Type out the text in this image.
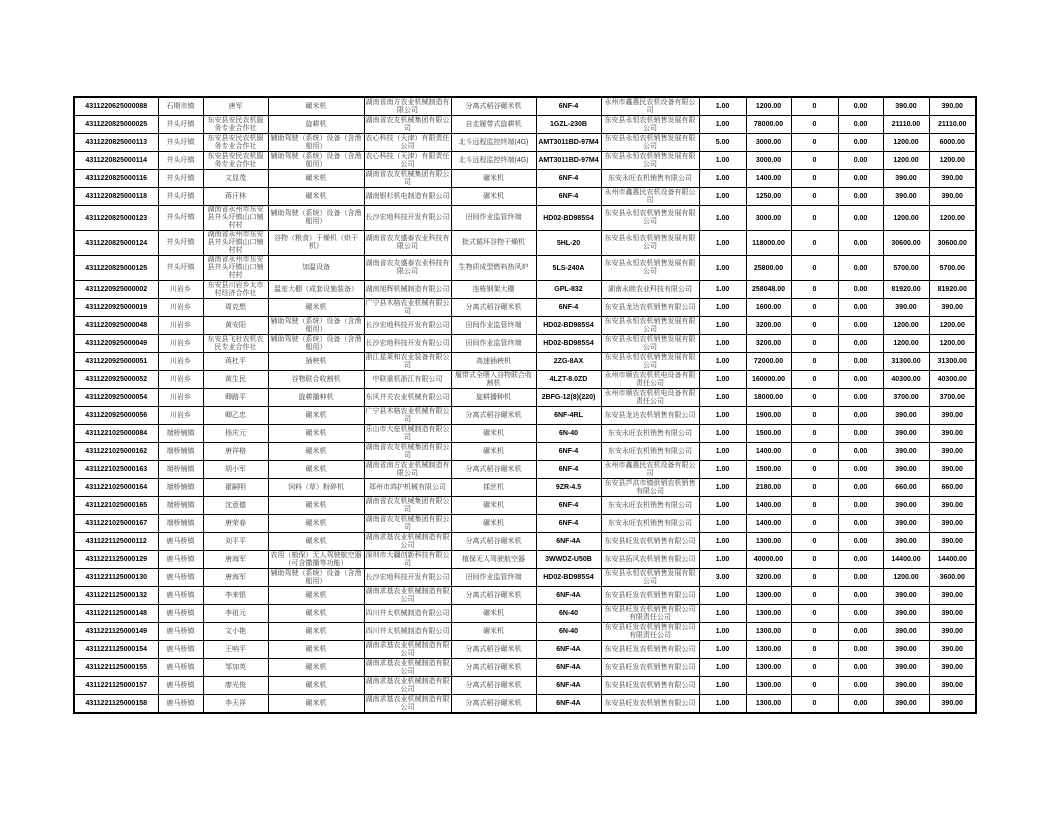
4311220625000088	石期市镇	唐军	碾米机	湖南省南方农业机械制造有限公司	分离式稻谷碾米机	6NF-4	永州市鑫惠民农机设备有限公司	1.00	1200.00	0	0.00	390.00	390.00
4311220825000025	井头圩镇	东安县安民农机服务专业合作社	旋耕机	湖南省农友机械集团有限公司	自走履带式旋耕机	1GZL-230B	东安县永恒农机销售发展有限公司	1.00	78000.00	0	0.00	21110.00	21110.00
4311220825000113	井头圩镇	东安县安民农机服务专业合作社	辅助驾驶（系统）设备（含渔船用）	农心科技（天津）有限责任公司	北斗远程监控终端(4G)	AMT3011BD-97M4	东安县永恒农机销售发展有限公司	5.00	3000.00	0	0.00	1200.00	6000.00
4311220825000114	井头圩镇	东安县安民农机服务专业合作社	辅助驾驶（系统）设备（含渔船用）	农心科技（天津）有限责任公司	北斗远程监控终端(4G)	AMT3011BD-97M4	东安县永恒农机销售发展有限公司	1.00	3000.00	0	0.00	1200.00	1200.00
4311220825000116	井头圩镇	文显茂	碾米机	湖南省农友机械集团有限公司	碾米机	6NF-4	东安永旺农机销售有限公司	1.00	1400.00	0	0.00	390.00	390.00
4311220825000118	井头圩镇	蒋汗林	碾米机	湖南银杉机电制造有限公司	碾米机	6NF-4	永州市鑫惠民农机设备有限公司	1.00	1250.00	0	0.00	390.00	390.00
4311220825000123	井头圩镇	湖南省永州市东安县井头圩镇山口铺村村	辅助驾驶（系统）设备（含渔船用）	长沙宏地科技开发有限公司	田间作业监管终端	HD02-BD985S4	东安县永恒农机销售发展有限公司	1.00	3000.00	0	0.00	1200.00	1200.00
4311220825000124	井头圩镇	湖南省永州市东安县井头圩镇山口铺村村	谷物（粮食）干燥机（烘干机）	湖南省农友盛泰农业科技有限公司	批式循环谷物干燥机	5HL-20	东安县永恒农机销售发展有限公司	1.00	118000.00	0	0.00	30600.00	30600.00
4311220825000125	井头圩镇	湖南省永州市东安县井头圩镇山口铺村村	加温设备	湖南省农友盛泰农业科技有限公司	生物质成型燃料热风炉	5LS-240A	东安县永恒农机销售发展有限公司	1.00	25800.00	0	0.00	5700.00	5700.00
4311220925000002	川岩乡	东安县川岩乡太市村经济合作社	温室大棚（成套设施装备）	湖南旭辉机械制造有限公司	连栋钢架大棚	GPL-832	湖南永睦农业科技有限公司	1.00	258048.00	0	0.00	81920.00	81920.00
4311220925000019	川岩乡	周克想	碾米机	广宁县木格农业机械有限公司	分离式稻谷碾米机	6NF-4	东安县龙达农机销售有限公司	1.00	1600.00	0	0.00	390.00	390.00
4311220925000048	川岩乡	黄安阳	辅助驾驶（系统）设备（含渔船用）	长沙宏地科技开发有限公司	田间作业监管终端	HD02-BD985S4	东安县永恒农机销售发展有限公司	1.00	3200.00	0	0.00	1200.00	1200.00
4311220925000049	川岩乡	东安县飞杜农机农民专业合作社	辅助驾驶（系统）设备（含渔船用）	长沙宏地科技开发有限公司	田间作业监管终端	HD02-BD985S4	东安县永恒农机销售发展有限公司	1.00	3200.00	0	0.00	1200.00	1200.00
4311220925000051	川岩乡	蒋杜平	插秧机	浙江星莱和农业装备有限公司	高速插秧机	2ZG-8AX	东安县永恒农机销售发展有限公司	1.00	72000.00	0	0.00	31300.00	31300.00
4311220925000052	川岩乡	黄生民	谷物联合收割机	中联重机浙江有限公司	履带式全喂入谷物联合收割机	4LZT-8.0ZD	永州市顺农农机机电设备有限责任公司	1.00	160000.00	0	0.00	40300.00	40300.00
4311220925000054	川岩乡	卿路平	旋耕播种机	东风井关农业机械有限公司	旋耕播种机	2BFG-12(8)(220)	永州市顺农农机机电设备有限责任公司	1.00	18000.00	0	0.00	3700.00	3700.00
4311220925000056	川岩乡	卿乙忠	碾米机	广宁县木格农业机械有限公司	分离式稻谷碾米机	6NF-4RL	东安县龙达农机销售有限公司	1.00	1900.00	0	0.00	390.00	390.00
4311221025000084	端桥铺镇	杨庆元	碾米机	乐山市大垒机械制造有限公司	碾米机	6N-40	东安永旺农机销售有限公司	1.00	1500.00	0	0.00	390.00	390.00
4311221025000162	端桥铺镇	唐祥格	碾米机	湖南省农友机械集团有限公司	碾米机	6NF-4	东安永旺农机销售有限公司	1.00	1400.00	0	0.00	390.00	390.00
4311221025000163	端桥铺镇	胡小军	碾米机	湖南省南方农业机械制造有限公司	分离式稻谷碾米机	6NF-4	永州市鑫惠民农机设备有限公司	1.00	1500.00	0	0.00	390.00	390.00
4311221025000164	端桥铺镇	翟嗣明	饲料（草）粉碎机	郑州市鸿护机械有限公司	揉丝机	9ZR-4.5	东安县芦洪市镇供销农机销售有限公司	1.00	2180.00	0	0.00	660.00	660.00
4311221025000165	端桥铺镇	沈意德	碾米机	湖南省农友机械集团有限公司	碾米机	6NF-4	东安永旺农机销售有限公司	1.00	1400.00	0	0.00	390.00	390.00
4311221025000167	端桥铺镇	唐荣春	碾米机	湖南省农友机械集团有限公司	碾米机	6NF-4	东安永旺农机销售有限公司	1.00	1400.00	0	0.00	390.00	390.00
4311221125000112	鹿马桥镇	刘平平	碾米机	湖南求基农业机械制造有限公司	分离式稻谷碾米机	6NF-4A	东安县旺发农机销售有限公司	1.00	1300.00	0	0.00	390.00	390.00
4311221125000129	鹿马桥镇	唐海军	农用（植保）无人驾驶航空器（可含撒播等功能）	深圳市大疆创新科技有限公司	植保无人驾驶航空器	3WWDZ-U50B	东安县拓风农机销售有限公司	1.00	40000.00	0	0.00	14400.00	14400.00
4311221125000130	鹿马桥镇	唐海军	辅助驾驶（系统）设备（含渔船用）	长沙宏地科技开发有限公司	田间作业监管终端	HD02-BD985S4	东安县永恒农机销售发展有限公司	3.00	3200.00	0	0.00	1200.00	3600.00
4311221125000132	鹿马桥镇	李来银	碾米机	湖南求基农业机械制造有限公司	分离式稻谷碾米机	6NF-4A	东安县旺发农机销售有限公司	1.00	1300.00	0	0.00	390.00	390.00
4311221125000148	鹿马桥镇	李祖元	碾米机	四川井太机械制造有限公司	碾米机	6N-40	东安县旺发农机销售有限公司有限责任公司	1.00	1300.00	0	0.00	390.00	390.00
4311221125000149	鹿马桥镇	文小艳	碾米机	四川井太机械制造有限公司	碾米机	6N-40	东安县旺发农机销售有限公司有限责任公司	1.00	1300.00	0	0.00	390.00	390.00
4311221125000154	鹿马桥镇	王响平	碾米机	湖南求基农业机械制造有限公司	分离式稻谷碾米机	6NF-4A	东安县旺发农机销售有限公司	1.00	1300.00	0	0.00	390.00	390.00
4311221125000155	鹿马桥镇	邹加英	碾米机	湖南求基农业机械制造有限公司	分离式稻谷碾米机	6NF-4A	东安县旺发农机销售有限公司	1.00	1300.00	0	0.00	390.00	390.00
4311221125000157	鹿马桥镇	廖光俊	碾米机	湖南求基农业机械制造有限公司	分离式稻谷碾米机	6NF-4A	东安县旺发农机销售有限公司	1.00	1300.00	0	0.00	390.00	390.00
4311221125000158	鹿马桥镇	李天祥	碾米机	湖南求基农业机械制造有限公司	分离式稻谷碾米机	6NF-4A	东安县旺发农机销售有限公司	1.00	1300.00	0	0.00	390.00	390.00
